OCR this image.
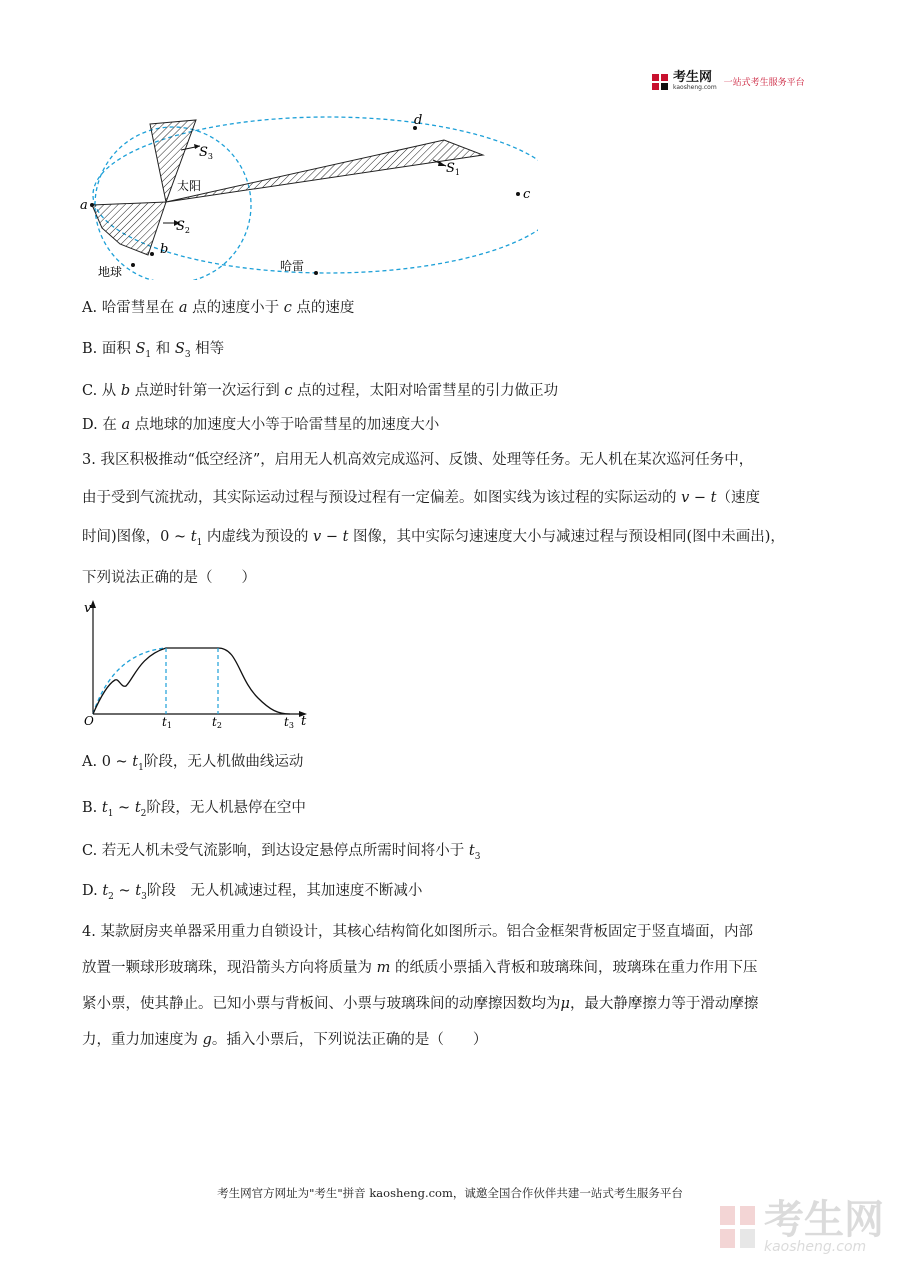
考生网
kaosheng.com 一站式考生服务平台
a
b
c
d
$S_3$
$S_2$
$S_1$
太阳
地球	哈雷
A. 哈雷彗星在 a 点的速度小于 c 点的速度
B. 面积 $S_1$ 和 $S_3$ 相等
C. 从 b 点逆时针第一次运行到 c 点的过程，太阳对哈雷彗星的引力做正功
D. 在 a 点地球的加速度大小等于哈雷彗星的加速度大小
3. 我区积极推动“低空经济”，启用无人机高效完成巡河、反馈、处理等任务。无人机在某次巡河任务中，
由于受到气流扰动，其实际运动过程与预设过程有一定偏差。如图实线为该过程的实际运动的 v − t（速度
时间)图像，0 ~ $t_1$ 内虚线为预设的 v − t 图像，其中实际匀速速度大小与减速过程与预设相同(图中未画出)，
下列说法正确的是（　　）
v
O	t
t1	t2	t3
A. 0 ~ $t_1$阶段，无人机做曲线运动
B. $t_1$ ~ $t_2$阶段，无人机悬停在空中
C. 若无人机未受气流影响，到达设定悬停点所需时间将小于 $t_3$
D. $t_2$ ~ $t_3$阶段　无人机减速过程，其加速度不断减小
4. 某款厨房夹单器采用重力自锁设计，其核心结构简化如图所示。铝合金框架背板固定于竖直墙面，内部
放置一颗球形玻璃珠，现沿箭头方向将质量为 m 的纸质小票插入背板和玻璃珠间，玻璃珠在重力作用下压
紧小票，使其静止。已知小票与背板间、小票与玻璃珠间的动摩擦因数均为μ，最大静摩擦力等于滑动摩擦
力，重力加速度为 g。插入小票后，下列说法正确的是（　　）
考生网官方网址为"考生"拼音 kaosheng.com，诚邀全国合作伙伴共建一站式考生服务平台
考生网
kaosheng.com
